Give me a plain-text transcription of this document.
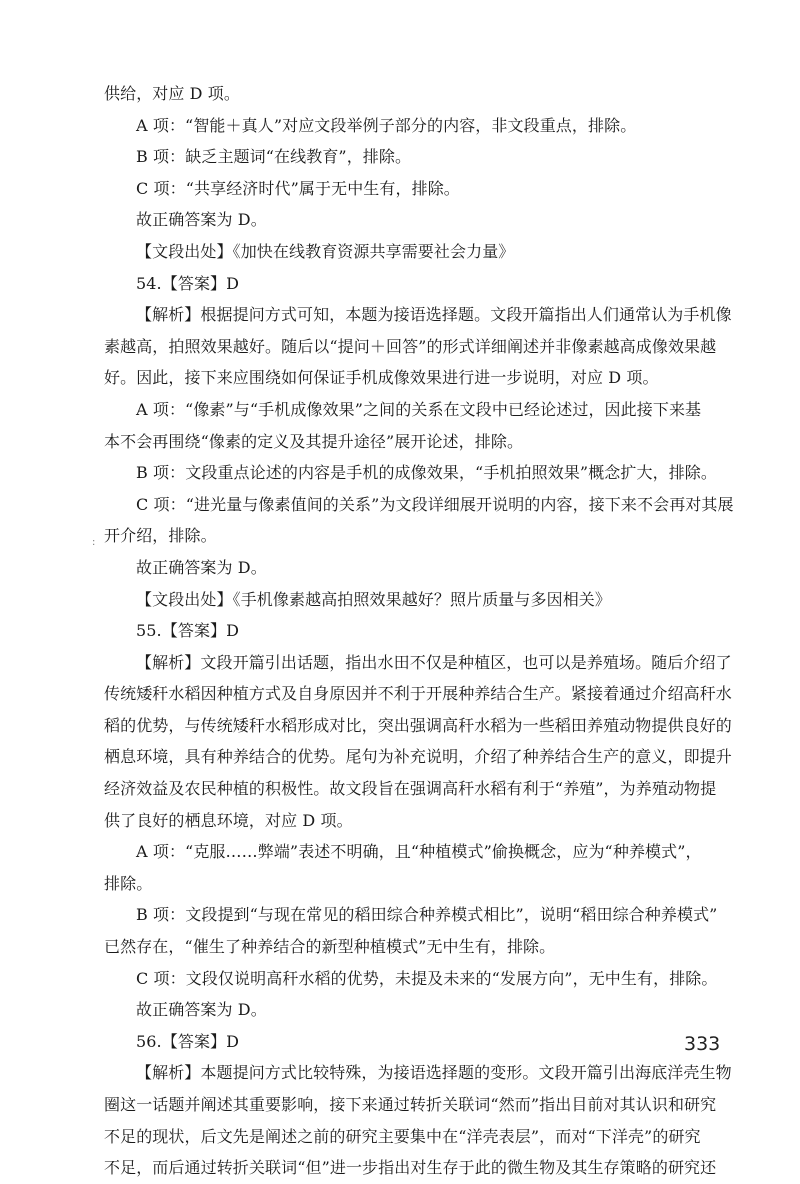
:
供给，对应 D 项。
A 项：“智能＋真人”对应文段举例子部分的内容，非文段重点，排除。
B 项：缺乏主题词“在线教育”，排除。
C 项：“共享经济时代”属于无中生有，排除。
故正确答案为 D。
【文段出处】《加快在线教育资源共享需要社会力量》
54.【答案】D
【解析】根据提问方式可知，本题为接语选择题。文段开篇指出人们通常认为手机像
素越高，拍照效果越好。随后以“提问＋回答”的形式详细阐述并非像素越高成像效果越
好。因此，接下来应围绕如何保证手机成像效果进行进一步说明，对应 D 项。
A 项：“像素”与“手机成像效果”之间的关系在文段中已经论述过，因此接下来基
本不会再围绕“像素的定义及其提升途径”展开论述，排除。
B 项：文段重点论述的内容是手机的成像效果，“手机拍照效果”概念扩大，排除。
C 项：“进光量与像素值间的关系”为文段详细展开说明的内容，接下来不会再对其展
开介绍，排除。
故正确答案为 D。
【文段出处】《手机像素越高拍照效果越好？照片质量与多因相关》
55.【答案】D
【解析】文段开篇引出话题，指出水田不仅是种植区，也可以是养殖场。随后介绍了
传统矮秆水稻因种植方式及自身原因并不利于开展种养结合生产。紧接着通过介绍高秆水
稻的优势，与传统矮秆水稻形成对比，突出强调高秆水稻为一些稻田养殖动物提供良好的
栖息环境，具有种养结合的优势。尾句为补充说明，介绍了种养结合生产的意义，即提升
经济效益及农民种植的积极性。故文段旨在强调高秆水稻有利于“养殖”，为养殖动物提
供了良好的栖息环境，对应 D 项。
A 项：“克服……弊端”表述不明确，且“种植模式”偷换概念，应为“种养模式”，
排除。
B 项：文段提到“与现在常见的稻田综合种养模式相比”，说明“稻田综合种养模式”
已然存在，“催生了种养结合的新型种植模式”无中生有，排除。
C 项：文段仅说明高秆水稻的优势，未提及未来的“发展方向”，无中生有，排除。
故正确答案为 D。
56.【答案】D
【解析】本题提问方式比较特殊，为接语选择题的变形。文段开篇引出海底洋壳生物
圈这一话题并阐述其重要影响，接下来通过转折关联词“然而”指出目前对其认识和研究
不足的现状，后文先是阐述之前的研究主要集中在“洋壳表层”，而对“下洋壳”的研究
不足，而后通过转折关联词“但”进一步指出对生存于此的微生物及其生存策略的研究还
333
